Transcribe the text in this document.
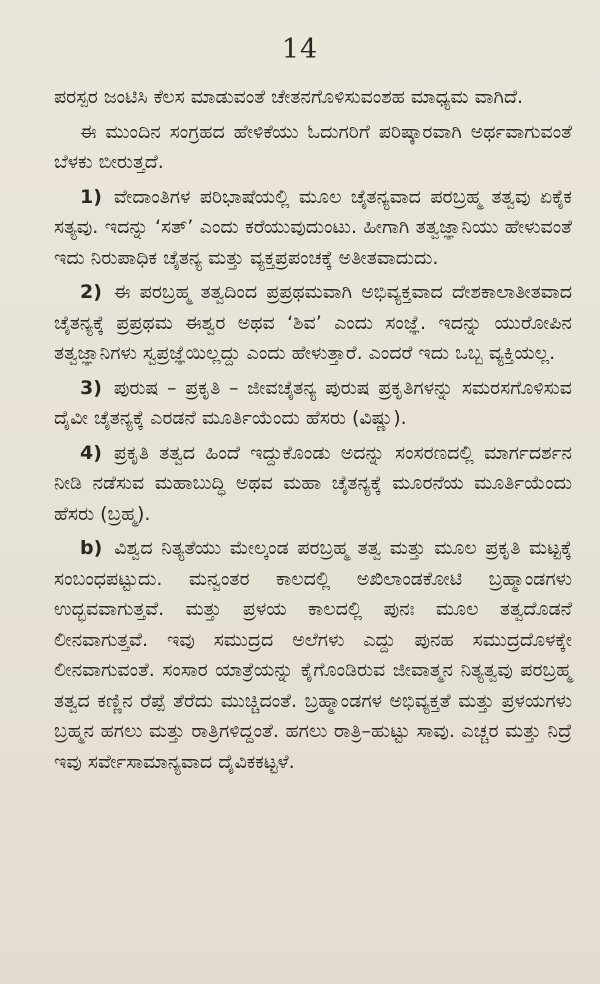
14

ಪರಸ್ಪರ ಜಂಟಿಸಿ ಕೆಲಸ ಮಾಡುವಂತೆ ಚೇತನಗೊಳಿಸುವಂಶಹ ಮಾಧ್ಯಮ ವಾಗಿದೆ.

ಈ ಮುಂದಿನ ಸಂಗ್ರಹದ ಹೇಳಿಕೆಯು ಓದುಗರಿಗೆ ಪರಿಷ್ಕಾರವಾಗಿ ಅರ್ಥವಾಗುವಂತೆ ಬೆಳಕು ಬೀರುತ್ತದೆ.

1) ವೇದಾಂತಿಗಳ ಪರಿಭಾಷೆಯಲ್ಲಿ ಮೂಲ ಚೈತನ್ಯವಾದ ಪರಬ್ರಹ್ಮ ತತ್ವವು ಏಕೈಕ ಸತ್ಯವು. ಇದನ್ನು ‘ಸತ್’ ಎಂದು ಕರೆಯುವುದುಂಟು. ಹೀಗಾಗಿ ತತ್ವಜ್ಞಾನಿಯು ಹೇಳುವಂತೆ ಇದು ನಿರುಪಾಧಿಕ ಚೈತನ್ಯ ಮತ್ತು ವ್ಯಕ್ತಪ್ರಪಂಚಕ್ಕೆ ಅತೀತವಾದುದು.

2) ಈ ಪರಬ್ರಹ್ಮ ತತ್ವದಿಂದ ಪ್ರಪ್ರಥಮವಾಗಿ ಅಭಿವ್ಯಕ್ತವಾದ ದೇಶಕಾಲಾತೀತವಾದ ಚೈತನ್ಯಕ್ಕೆ ಪ್ರಪ್ರಥಮ ಈಶ್ವರ ಅಥವ ‘ಶಿವ’ ಎಂದು ಸಂಜ್ಞೆ. ಇದನ್ನು ಯುರೋಪಿನ ತತ್ವಜ್ಞಾನಿಗಳು ಸ್ವಪ್ರಜ್ಞೆಯಿಲ್ಲದ್ದು ಎಂದು ಹೇಳುತ್ತಾರೆ. ಎಂದರೆ ಇದು ಒಬ್ಬ ವ್ಯಕ್ತಿಯಲ್ಲ.

3) ಪುರುಷ – ಪ್ರಕೃತಿ – ಜೀವಚೈತನ್ಯ ಪುರುಷ ಪ್ರಕೃತಿಗಳನ್ನು ಸಮರಸಗೊಳಿಸುವ ದೈವೀ ಚೈತನ್ಯಕ್ಕೆ ಎರಡನೆ ಮೂರ್ತಿಯೆಂದು ಹೆಸರು (ವಿಷ್ಣು).

4) ಪ್ರಕೃತಿ ತತ್ವದ ಹಿಂದೆ ಇದ್ದುಕೊಂಡು ಅದನ್ನು ಸಂಸರಣದಲ್ಲಿ ಮಾರ್ಗದರ್ಶನ ನೀಡಿ ನಡೆಸುವ ಮಹಾಬುದ್ಧಿ ಅಥವ ಮಹಾ ಚೈತನ್ಯಕ್ಕೆ ಮೂರನೆಯ ಮೂರ್ತಿಯೆಂದು ಹೆಸರು (ಬ್ರಹ್ಮ).

b) ವಿಶ್ವದ ನಿತ್ಯತೆಯು ಮೇಲ್ಕಂಡ ಪರಬ್ರಹ್ಮ ತತ್ವ ಮತ್ತು ಮೂಲ ಪ್ರಕೃತಿ ಮಟ್ಟಕ್ಕೆ ಸಂಬಂಧಪಟ್ಟುದು. ಮನ್ವಂತರ ಕಾಲದಲ್ಲಿ ಅಖಿಲಾಂಡಕೋಟಿ ಬ್ರಹ್ಮಾಂಡಗಳು ಉದ್ಭವವಾಗುತ್ತವೆ. ಮತ್ತು ಪ್ರಳಯ ಕಾಲದಲ್ಲಿ ಪುನಃ ಮೂಲ ತತ್ವದೊಡನೆ ಲೀನವಾಗುತ್ತವೆ. ಇವು ಸಮುದ್ರದ ಅಲೆಗಳು ಎದ್ದು ಪುನಹ ಸಮುದ್ರದೊಳಕ್ಕೇ ಲೀನವಾಗುವಂತೆ. ಸಂಸಾರ ಯಾತ್ರೆಯನ್ನು ಕೈಗೊಂಡಿರುವ ಜೀವಾತ್ಮನ ನಿತ್ಯತ್ವವು ಪರಬ್ರಹ್ಮ ತತ್ವದ ಕಣ್ಣಿನ ರೆಪ್ಪೆ ತೆರೆದು ಮುಚ್ಚಿದಂತೆ. ಬ್ರಹ್ಮಾಂಡಗಳ ಅಭಿವ್ಯಕ್ತತೆ ಮತ್ತು ಪ್ರಳಯಗಳು ಬ್ರಹ್ಮನ ಹಗಲು ಮತ್ತು ರಾತ್ರಿಗಳಿದ್ದಂತೆ. ಹಗಲು ರಾತ್ರಿ–ಹುಟ್ಟು ಸಾವು. ಎಚ್ಚರ ಮತ್ತು ನಿದ್ರೆ ಇವು ಸರ್ವೇಸಾಮಾನ್ಯವಾದ ದೈವಿಕಕಟ್ಟಳೆ.
